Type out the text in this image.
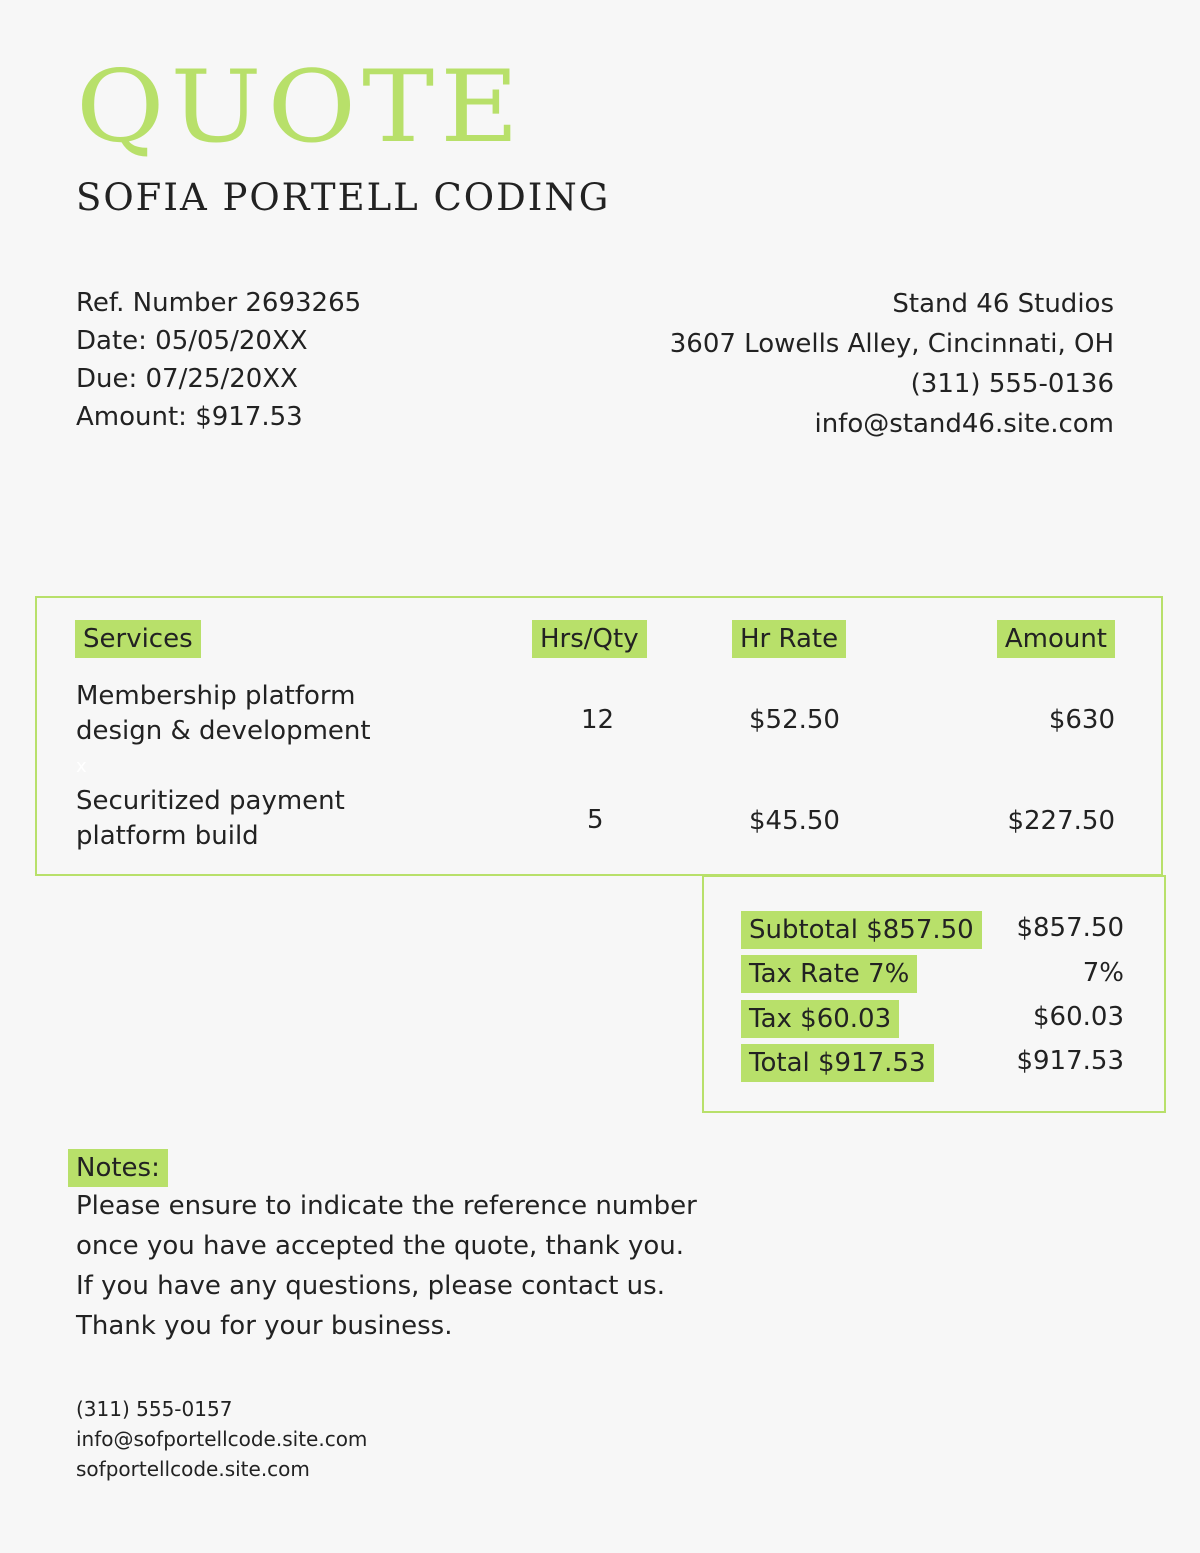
QUOTE
SOFIA PORTELL CODING
Ref. Number 2693265
Date: 05/05/20XX
Due: 07/25/20XX
Amount: $917.53
Stand 46 Studios
3607 Lowells Alley, Cincinnati, OH
(311) 555-0136
info@stand46.site.com
Services	Hrs/Qty	Hr Rate	Amount
Membership platform
design & development	12	$52.50	$630
x
Securitized payment
platform build
5	$45.50	$227.50
Subtotal $857.50	$857.50
Tax Rate 7%	7%
Tax $60.03	$60.03
Total $917.53	$917.53
Notes:
Please ensure to indicate the reference number
once you have accepted the quote, thank you.
If you have any questions, please contact us.
Thank you for your business.
(311) 555-0157
info@sofportellcode.site.com
sofportellcode.site.com
